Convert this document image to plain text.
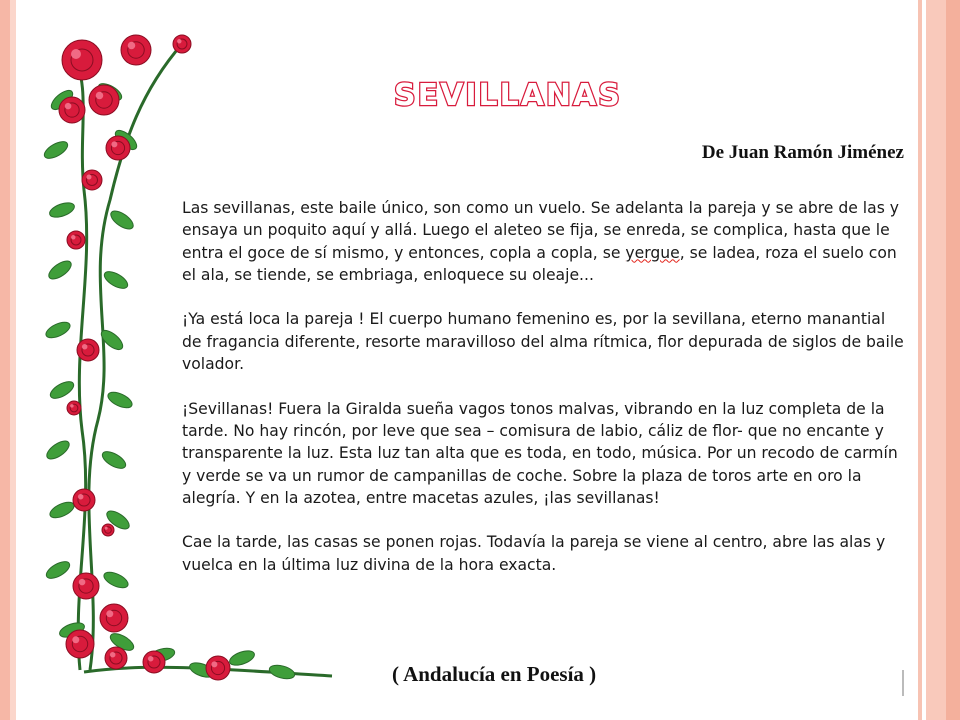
SEVILLANAS

De Juan Ramón Jiménez

Las sevillanas, este baile único, son como un vuelo. Se adelanta la pareja y se abre de las y ensaya un poquito aquí y allá. Luego el aleteo se fija, se enreda, se complica, hasta que le entra el goce de sí mismo, y entonces, copla a copla, se yergue, se ladea, roza el suelo con el ala, se tiende, se embriaga, enloquece su oleaje...

¡Ya está loca la pareja ! El cuerpo humano femenino es, por la sevillana, eterno manantial de fragancia diferente, resorte maravilloso del alma rítmica, flor depurada de siglos de baile volador.

¡Sevillanas! Fuera la Giralda sueña vagos tonos malvas, vibrando en la luz completa de la tarde. No hay rincón, por leve que sea – comisura de labio, cáliz de flor- que no encante y transparente la luz. Esta luz tan alta que es toda, en todo, música. Por un recodo de carmín y verde se va un rumor de campanillas de coche. Sobre la plaza de toros arte en oro la alegría. Y en la azotea, entre macetas azules, ¡las sevillanas!

Cae la tarde, las casas se ponen rojas. Todavía la pareja se viene al centro, abre las alas y vuelca en la última luz divina de la hora exacta.

( Andalucía en Poesía )
